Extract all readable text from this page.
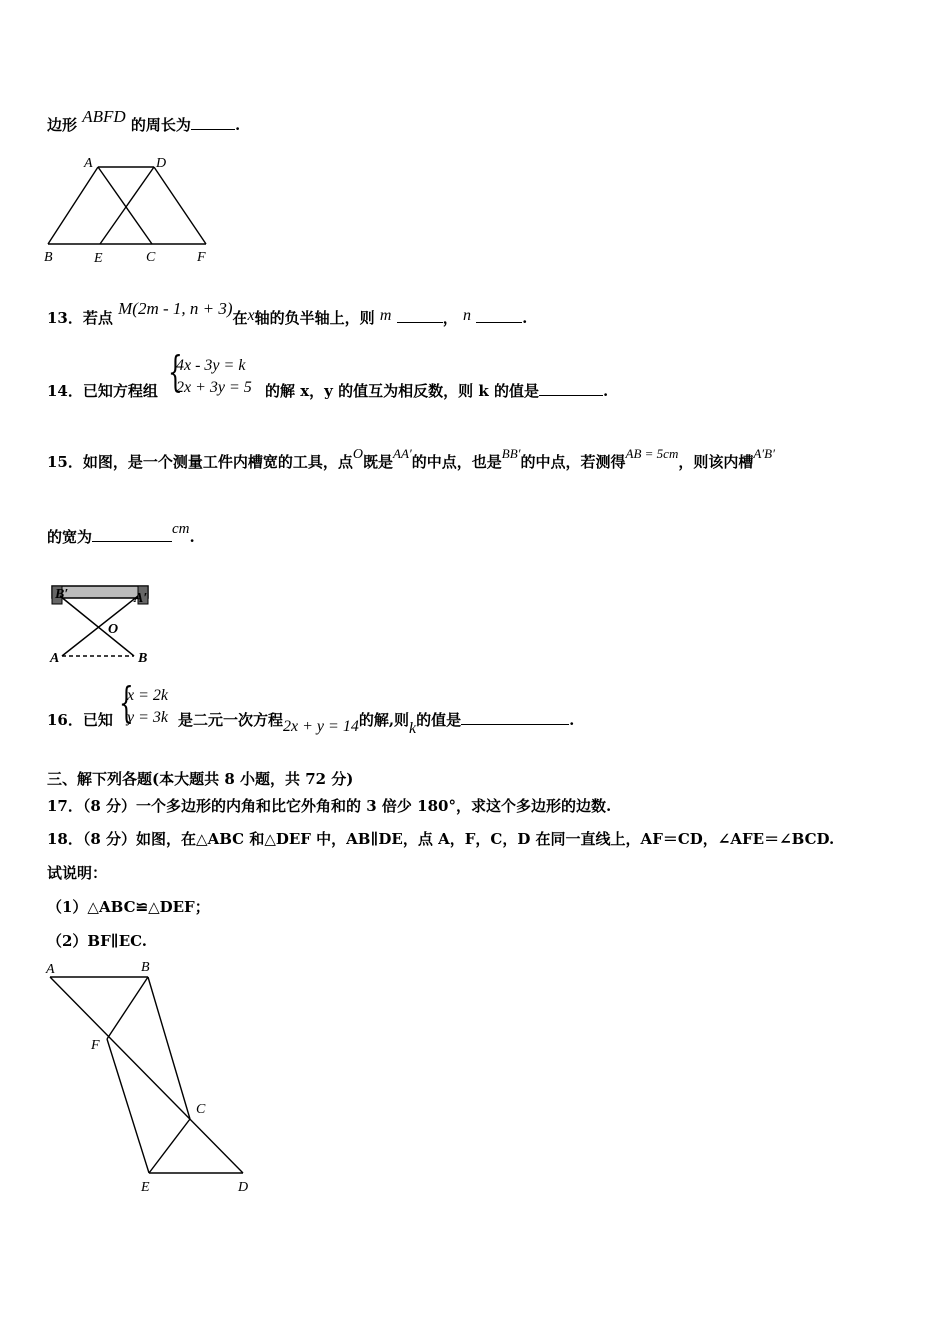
边形 ABFD 的周长为	.
A	D
B	E	C	F
13．若点 M(2m - 1, n + 3)在x轴的负半轴上，则 m	， n	.
14．已知方程组 {
4x - 3y = k
2x + 3y = 5 的解 x，y 的值互为相反数，则 k 的值是	.
15．如图，是一个测量工件内槽宽的工具，点O既是AA′的中点，也是BB′的中点，若测得AB = 5cm，则该内槽A′B′
的宽为	cm.
B′	A′
O
A	B
16．已知 {
x = 2k
y = 3k 是二元一次方程2x + y = 14的解,则k的值是	.
三、解下列各题(本大题共 8 小题，共 72 分)
17．（8 分）一个多边形的内角和比它外角和的 3 倍少 180°，求这个多边形的边数.
18．（8 分）如图，在△ABC 和△DEF 中，AB∥DE，点 A，F，C，D 在同一直线上，AF＝CD，∠AFE＝∠BCD.
试说明：
（1）△ABC≌△DEF；
（2）BF∥EC.
A	B
F
C
E	D
